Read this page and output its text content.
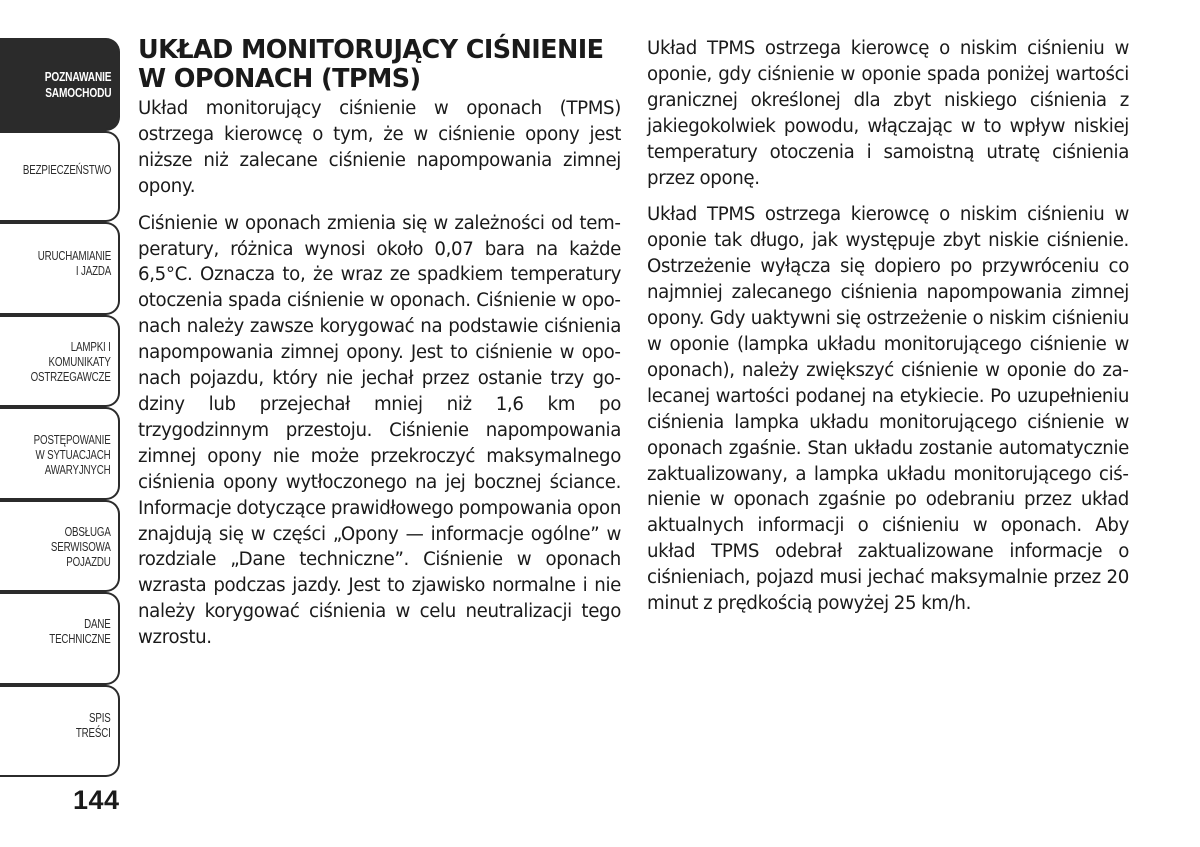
POZNAWANIE
SAMOCHODU
BEZPIECZEŃSTWO
URUCHAMIANIE
I JAZDA
LAMPKI I
KOMUNIKATY
OSTRZEGAWCZE
POSTĘPOWANIE
W SYTUACJACH
AWARYJNYCH
OBSŁUGA
SERWISOWA
POJAZDU
DANE
TECHNICZNE
SPIS
TREŚCI
144
UKŁAD MONITORUJĄCY CIŚNIENIE W OPONACH (TPMS)

Układ monitorujący ciśnienie w oponach (TPMS) ostrzega kierowcę o tym, że w ciśnienie opony jest niższe niż zalecane ciśnienie napompowania zimnej opony.

Ciśnienie w oponach zmienia się w zależności od temperatury, różnica wynosi około 0,07 bara na każde 6,5°C. Oznacza to, że wraz ze spadkiem temperatury otoczenia spada ciśnienie w oponach. Ciśnienie w oponach należy zawsze korygować na podstawie ciśnienia napompowania zimnej opony. Jest to ciśnienie w oponach pojazdu, który nie jechał przez ostanie trzy godziny lub przejechał mniej niż 1,6 km po trzygodzinnym przestoju. Ciśnienie napompowania zimnej opony nie może przekroczyć maksymalnego ciśnienia opony wytłoczonego na jej bocznej ściance. Informacje dotyczące prawidłowego pompowania opon znajdują się w części „Opony — informacje ogólne” w rozdziale „Dane techniczne”. Ciśnienie w oponach wzrasta podczas jazdy. Jest to zjawisko normalne i nie należy korygować ciśnienia w celu neutralizacji tego wzrostu.

Układ TPMS ostrzega kierowcę o niskim ciśnieniu w oponie, gdy ciśnienie w oponie spada poniżej wartości granicznej określonej dla zbyt niskiego ciśnienia z jakiegokolwiek powodu, włączając w to wpływ niskiej temperatury otoczenia i samoistną utratę ciśnienia przez oponę.

Układ TPMS ostrzega kierowcę o niskim ciśnieniu w oponie tak długo, jak występuje zbyt niskie ciśnienie. Ostrzeżenie wyłącza się dopiero po przywróceniu co najmniej zalecanego ciśnienia napompowania zimnej opony. Gdy uaktywni się ostrzeżenie o niskim ciśnieniu w oponie (lampka układu monitorującego ciśnienie w oponach), należy zwiększyć ciśnienie w oponie do zalecanej wartości podanej na etykiecie. Po uzupełnieniu ciśnienia lampka układu monitorującego ciśnienie w oponach zgaśnie. Stan układu zostanie automatycznie zaktualizowany, a lampka układu monitorującego ciśnienie w oponach zgaśnie po odebraniu przez układ aktualnych informacji o ciśnieniu w oponach. Aby układ TPMS odebrał zaktualizowane informacje o ciśnieniach, pojazd musi jechać maksymalnie przez 20 minut z prędkością powyżej 25 km/h.
